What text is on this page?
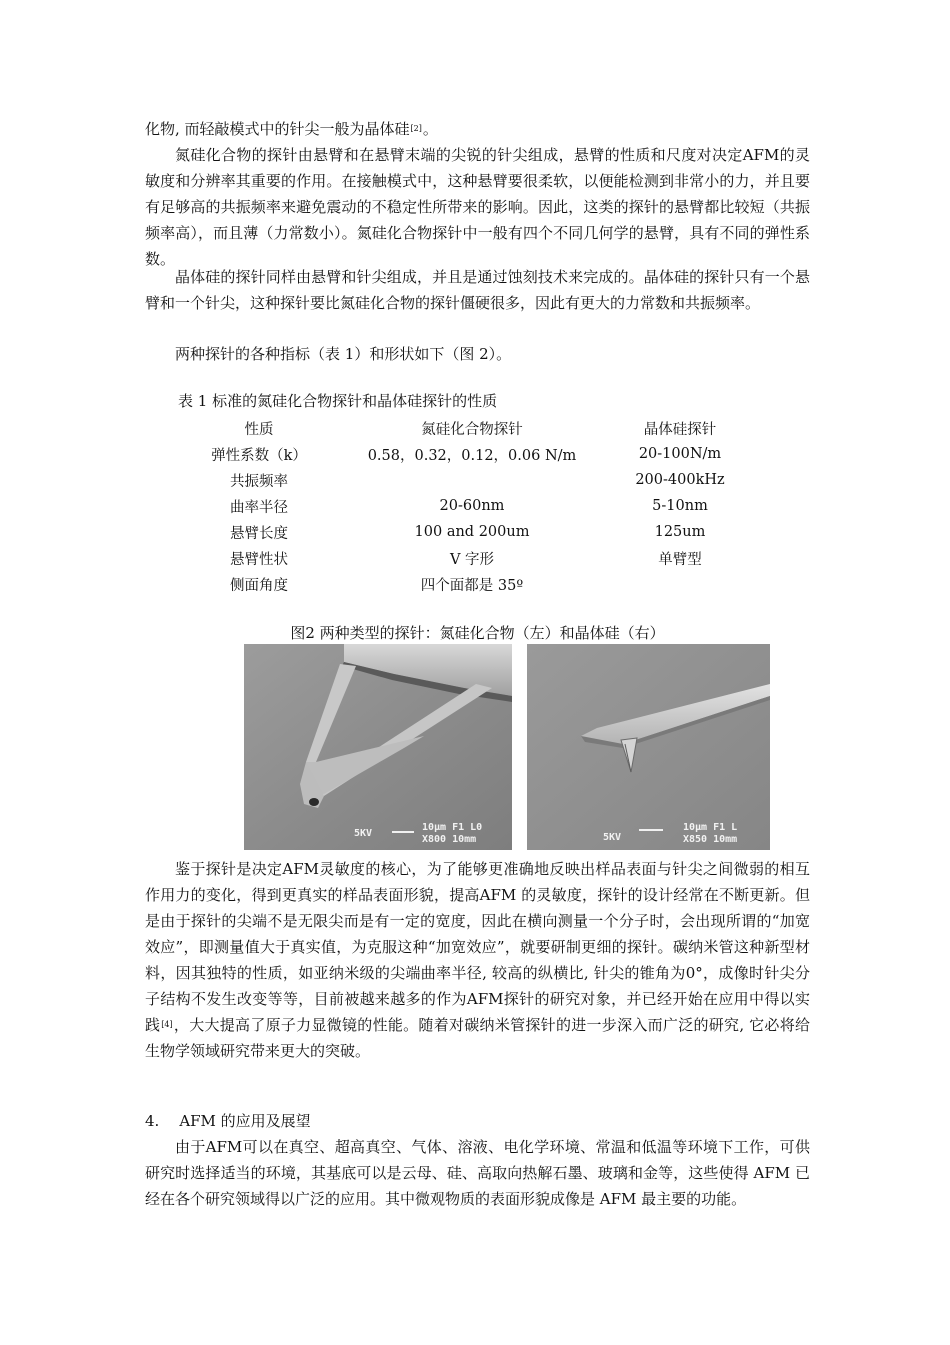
化物, 而轻敲模式中的针尖一般为晶体硅[2]。

氮硅化合物的探针由悬臂和在悬臂末端的尖锐的针尖组成，悬臂的性质和尺度对决定AFM的灵敏度和分辨率其重要的作用。在接触模式中，这种悬臂要很柔软，以便能检测到非常小的力，并且要有足够高的共振频率来避免震动的不稳定性所带来的影响。因此，这类的探针的悬臂都比较短（共振频率高），而且薄（力常数小）。氮硅化合物探针中一般有四个不同几何学的悬臂，具有不同的弹性系数。

晶体硅的探针同样由悬臂和针尖组成，并且是通过蚀刻技术来完成的。晶体硅的探针只有一个悬臂和一个针尖，这种探针要比氮硅化合物的探针僵硬很多，因此有更大的力常数和共振频率。

两种探针的各种指标（表 1）和形状如下（图 2）。

表 1 标准的氮硅化合物探针和晶体硅探针的性质

性质	氮硅化合物探针	晶体硅探针
弹性系数（k）	0.58，0.32，0.12，0.06 N/m	20-100N/m
共振频率		200-400kHz
曲率半径	20-60nm	5-10nm
悬臂长度	100 and 200um	125um
悬臂性状	V 字形	单臂型
侧面角度	四个面都是 35º	

图2 两种类型的探针：氮硅化合物（左）和晶体硅（右）

5KV
10μm F1 L0
X800 10mm	5KV
10μm F1 L
X850 10mm

鉴于探针是决定AFM灵敏度的核心，为了能够更准确地反映出样品表面与针尖之间微弱的相互作用力的变化，得到更真实的样品表面形貌，提高AFM 的灵敏度，探针的设计经常在不断更新。但是由于探针的尖端不是无限尖而是有一定的宽度，因此在横向测量一个分子时，会出现所谓的“加宽效应”，即测量值大于真实值，为克服这种“加宽效应”，就要研制更细的探针。碳纳米管这种新型材料，因其独特的性质，如亚纳米级的尖端曲率半径, 较高的纵横比, 针尖的锥角为0°，成像时针尖分子结构不发生改变等等，目前被越来越多的作为AFM探针的研究对象，并已经开始在应用中得以实践[4]，大大提高了原子力显微镜的性能。随着对碳纳米管探针的进一步深入而广泛的研究, 它必将给生物学领域研究带来更大的突破。

4. AFM 的应用及展望

由于AFM可以在真空、超高真空、气体、溶液、电化学环境、常温和低温等环境下工作，可供研究时选择适当的环境，其基底可以是云母、硅、高取向热解石墨、玻璃和金等，这些使得 AFM 已经在各个研究领域得以广泛的应用。其中微观物质的表面形貌成像是 AFM 最主要的功能。
